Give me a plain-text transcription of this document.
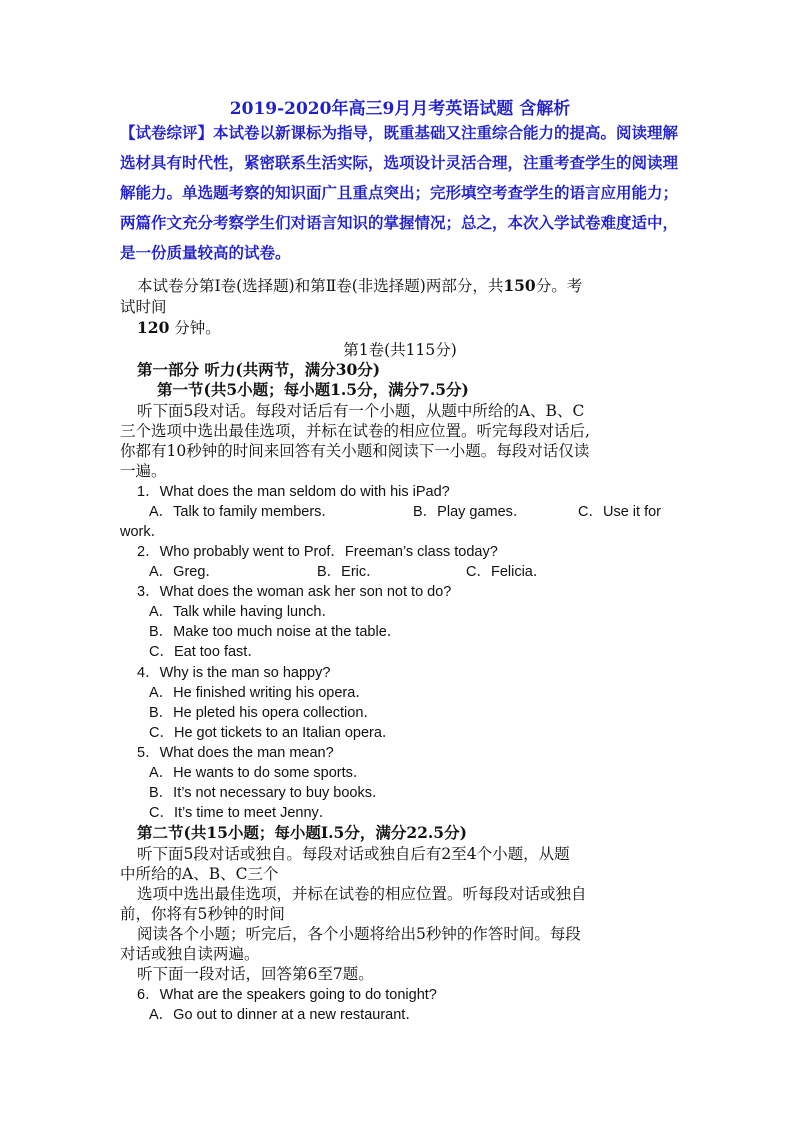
2019-2020年高三9月月考英语试题 含解析
【试卷综评】本试卷以新课标为指导，既重基础又注重综合能力的提高。阅读理解选材具有时代性，紧密联系生活实际，选项设计灵活合理，注重考查学生的阅读理解能力。单选题考察的知识面广且重点突出；完形填空考查学生的语言应用能力；两篇作文充分考察学生们对语言知识的掌握情况；总之，本次入学试卷难度适中，是一份质量较高的试卷。
本试卷分第Ⅰ卷(选择题)和第Ⅱ卷(非选择题)两部分，共150分。考
试时间
120 分钟。
第1卷(共115分)
第一部分 听力(共两节，满分30分)
第一节(共5小题；每小题1.5分，满分7.5分)
听下面5段对话。每段对话后有一个小题，从题中所给的A、B、C
三个选项中选出最佳选项，并标在试卷的相应位置。听完每段对话后,
你都有10秒钟的时间来回答有关小题和阅读下一小题。每段对话仅读
一遍。
1．What does the man seldom do with his iPad?
A．Talk to family members．	B．Play games．	C．Use it for
work．
2．Who probably went to Prof．Freeman’s class today?
A．Greg．	B．Eric．	C．Felicia．
3．What does the woman ask her son not to do?
A．Talk while having lunch．
B．Make too much noise at the table．
C．Eat too fast．
4．Why is the man so happy?
A．He finished writing his opera．
B．He pleted his opera collection．
C．He got tickets to an Italian opera．
5．What does the man mean?
A．He wants to do some sports．
B．It’s not necessary to buy books．
C．It’s time to meet Jenny．
第二节(共15小题；每小题I.5分，满分22.5分)
听下面5段对话或独自。每段对话或独自后有2至4个小题，从题
中所给的A、B、C三个
选项中选出最佳选项，并标在试卷的相应位置。听每段对话或独自
前，你将有5秒钟的时间
阅读各个小题；听完后，各个小题将给出5秒钟的作答时间。每段
对话或独自读两遍。
听下面一段对话，回答第6至7题。
6．What are the speakers going to do tonight?
A．Go out to dinner at a new restaurant．
